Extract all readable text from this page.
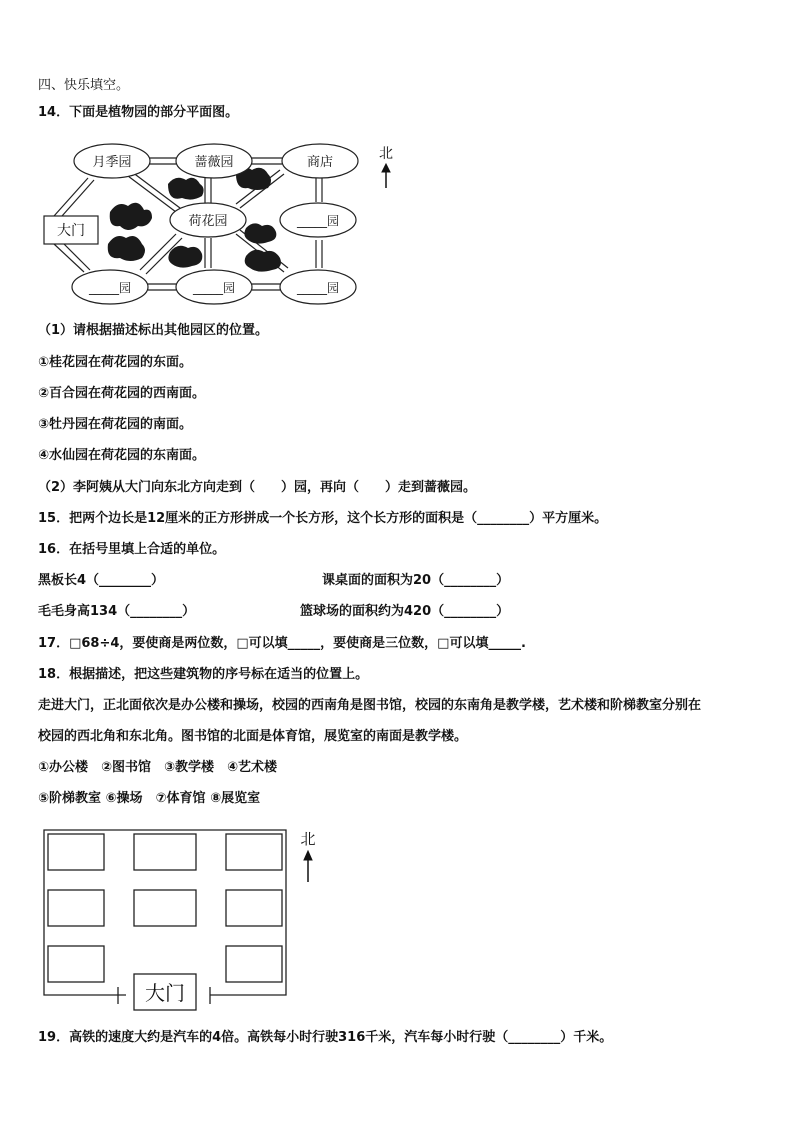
四、快乐填空。
14．下面是植物园的部分平面图。
月季园	蔷薇园	商店
荷花园	_____园
_____园	_____园	_____园
大门
北
（1）请根据描述标出其他园区的位置。
①桂花园在荷花园的东面。
②百合园在荷花园的西南面。
③牡丹园在荷花园的南面。
④水仙园在荷花园的东南面。
（2）李阿姨从大门向东北方向走到（　　）园，再向（　　）走到蔷薇园。
15．把两个边长是12厘米的正方形拼成一个长方形，这个长方形的面积是（________）平方厘米。
16．在括号里填上合适的单位。
黑板长4（________）	课桌面的面积为20（________）
毛毛身高134（________）	篮球场的面积约为420（________）
17．□68÷4，要使商是两位数，□可以填_____，要使商是三位数，□可以填_____.
18．根据描述，把这些建筑物的序号标在适当的位置上。
走进大门，正北面依次是办公楼和操场，校园的西南角是图书馆，校园的东南角是教学楼，艺术楼和阶梯教室分别在
校园的西北角和东北角。图书馆的北面是体育馆，展览室的南面是教学楼。
①办公楼　②图书馆　③教学楼　④艺术楼
⑤阶梯教室 ⑥操场　⑦体育馆 ⑧展览室
大门
北
19．高铁的速度大约是汽车的4倍。高铁每小时行驶316千米，汽车每小时行驶（________）千米。
